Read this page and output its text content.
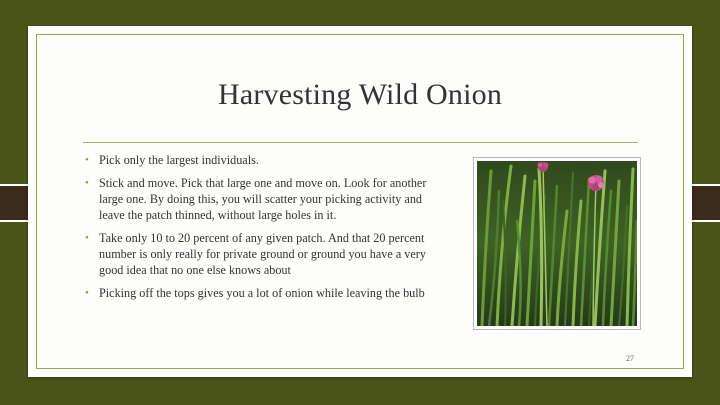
Harvesting Wild Onion
• Pick only the largest individuals.
• Stick and move. Pick that large one and move on. Look for another large one. By doing this, you will scatter your picking activity and leave the patch thinned, without large holes in it.
• Take only 10 to 20 percent of any given patch. And that 20 percent number is only really for private ground or ground you have a very good idea that no one else knows about
• Picking off the tops gives you a lot of onion while leaving the bulb
27
